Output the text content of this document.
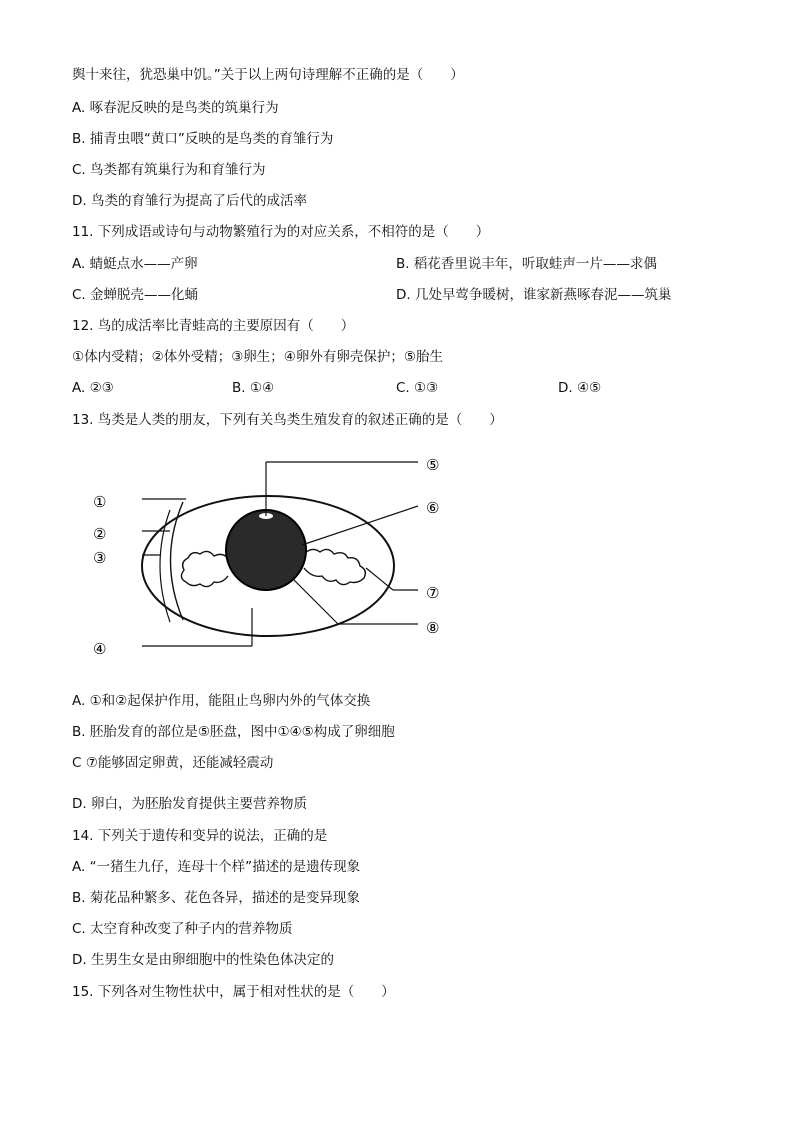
舆十来往，犹恐巢中饥。”关于以上两句诗理解不正确的是（　　）
A. 啄春泥反映的是鸟类的筑巢行为
B. 捕青虫喂“黄口”反映的是鸟类的育雏行为
C. 鸟类都有筑巢行为和育雏行为
D. 鸟类的育雏行为提高了后代的成活率
11. 下列成语或诗句与动物繁殖行为的对应关系，不相符的是（　　）
A. 蜻蜓点水——产卵	B. 稻花香里说丰年，听取蛙声一片——求偶
C. 金蝉脱壳——化蛹	D. 几处早莺争暖树，谁家新燕啄春泥——筑巢
12. 鸟的成活率比青蛙高的主要原因有（　　）
①体内受精；②体外受精；③卵生；④卵外有卵壳保护；⑤胎生
A. ②③	B. ①④	C. ①③	D. ④⑤
13. 鸟类是人类的朋友，下列有关鸟类生殖发育的叙述正确的是（　　）
①
②
③
④
⑤
⑥
⑦
⑧
A. ①和②起保护作用，能阻止鸟卵内外的气体交换
B. 胚胎发育的部位是⑤胚盘，图中①④⑤构成了卵细胞
C ⑦能够固定卵黄，还能减轻震动
D. 卵白，为胚胎发育提供主要营养物质
14. 下列关于遗传和变异的说法，正确的是
A. “一猪生九仔，连母十个样”描述的是遗传现象
B. 菊花品种繁多、花色各异，描述的是变异现象
C. 太空育种改变了种子内的营养物质
D. 生男生女是由卵细胞中的性染色体决定的
15. 下列各对生物性状中，属于相对性状的是（　　）
